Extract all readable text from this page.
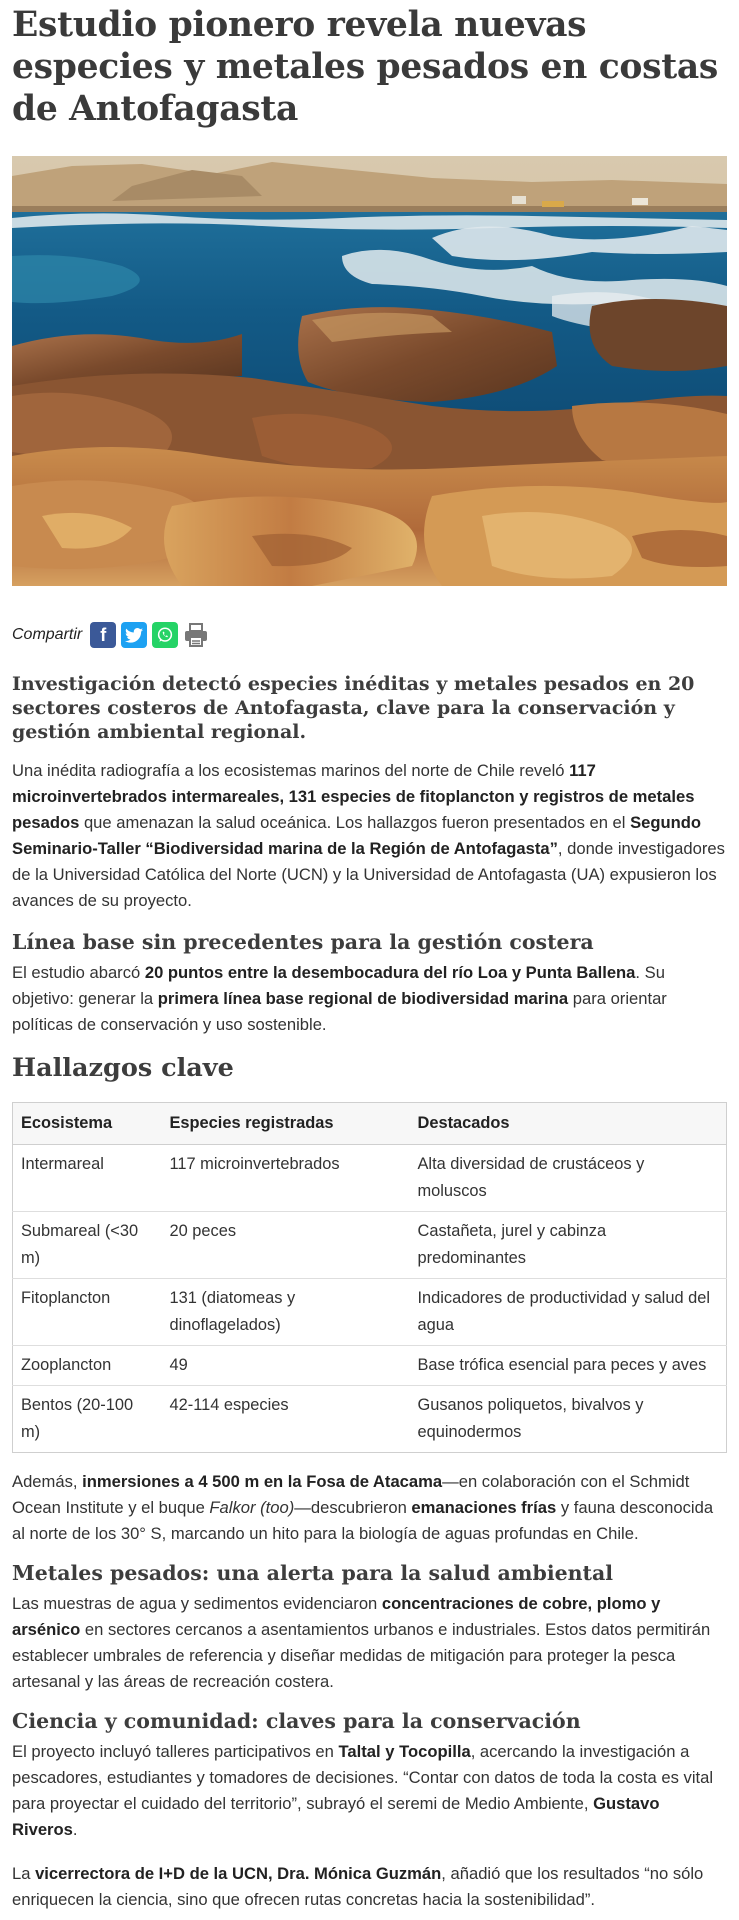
Estudio pionero revela nuevas especies y metales pesados en costas de Antofagasta
Compartir f
Investigación detectó especies inéditas y metales pesados en 20 sectores costeros de Antofagasta, clave para la conservación y gestión ambiental regional.

Una inédita radiografía a los ecosistemas marinos del norte de Chile reveló 117 microinvertebrados intermareales, 131 especies de fitoplancton y registros de metales pesados que amenazan la salud oceánica. Los hallazgos fueron presentados en el Segundo Seminario-Taller “Biodiversidad marina de la Región de Antofagasta”, donde investigadores de la Universidad Católica del Norte (UCN) y la Universidad de Antofagasta (UA) expusieron los avances de su proyecto.

Línea base sin precedentes para la gestión costera

El estudio abarcó 20 puntos entre la desembocadura del río Loa y Punta Ballena. Su objetivo: generar la primera línea base regional de biodiversidad marina para orientar políticas de conservación y uso sostenible.

Hallazgos clave
Ecosistema	Especies registradas	Destacados
Intermareal	117 microinvertebrados	Alta diversidad de crustáceos y moluscos
Submareal (<30 m)	20 peces	Castañeta, jurel y cabinza predominantes
Fitoplancton	131 (diatomeas y dinoflagelados)	Indicadores de productividad y salud del agua
Zooplancton	49	Base trófica esencial para peces y aves
Bentos (20-100 m)	42-114 especies	Gusanos poliquetos, bivalvos y equinodermos

Además, inmersiones a 4 500 m en la Fosa de Atacama—en colaboración con el Schmidt Ocean Institute y el buque Falkor (too)—descubrieron emanaciones frías y fauna desconocida al norte de los 30° S, marcando un hito para la biología de aguas profundas en Chile.

Metales pesados: una alerta para la salud ambiental

Las muestras de agua y sedimentos evidenciaron concentraciones de cobre, plomo y arsénico en sectores cercanos a asentamientos urbanos e industriales. Estos datos permitirán establecer umbrales de referencia y diseñar medidas de mitigación para proteger la pesca artesanal y las áreas de recreación costera.

Ciencia y comunidad: claves para la conservación

El proyecto incluyó talleres participativos en Taltal y Tocopilla, acercando la investigación a pescadores, estudiantes y tomadores de decisiones. “Contar con datos de toda la costa es vital para proyectar el cuidado del territorio”, subrayó el seremi de Medio Ambiente, Gustavo Riveros.

La vicerrectora de I+D de la UCN, Dra. Mónica Guzmán, añadió que los resultados “no sólo enriquecen la ciencia, sino que ofrecen rutas concretas hacia la sostenibilidad”.
